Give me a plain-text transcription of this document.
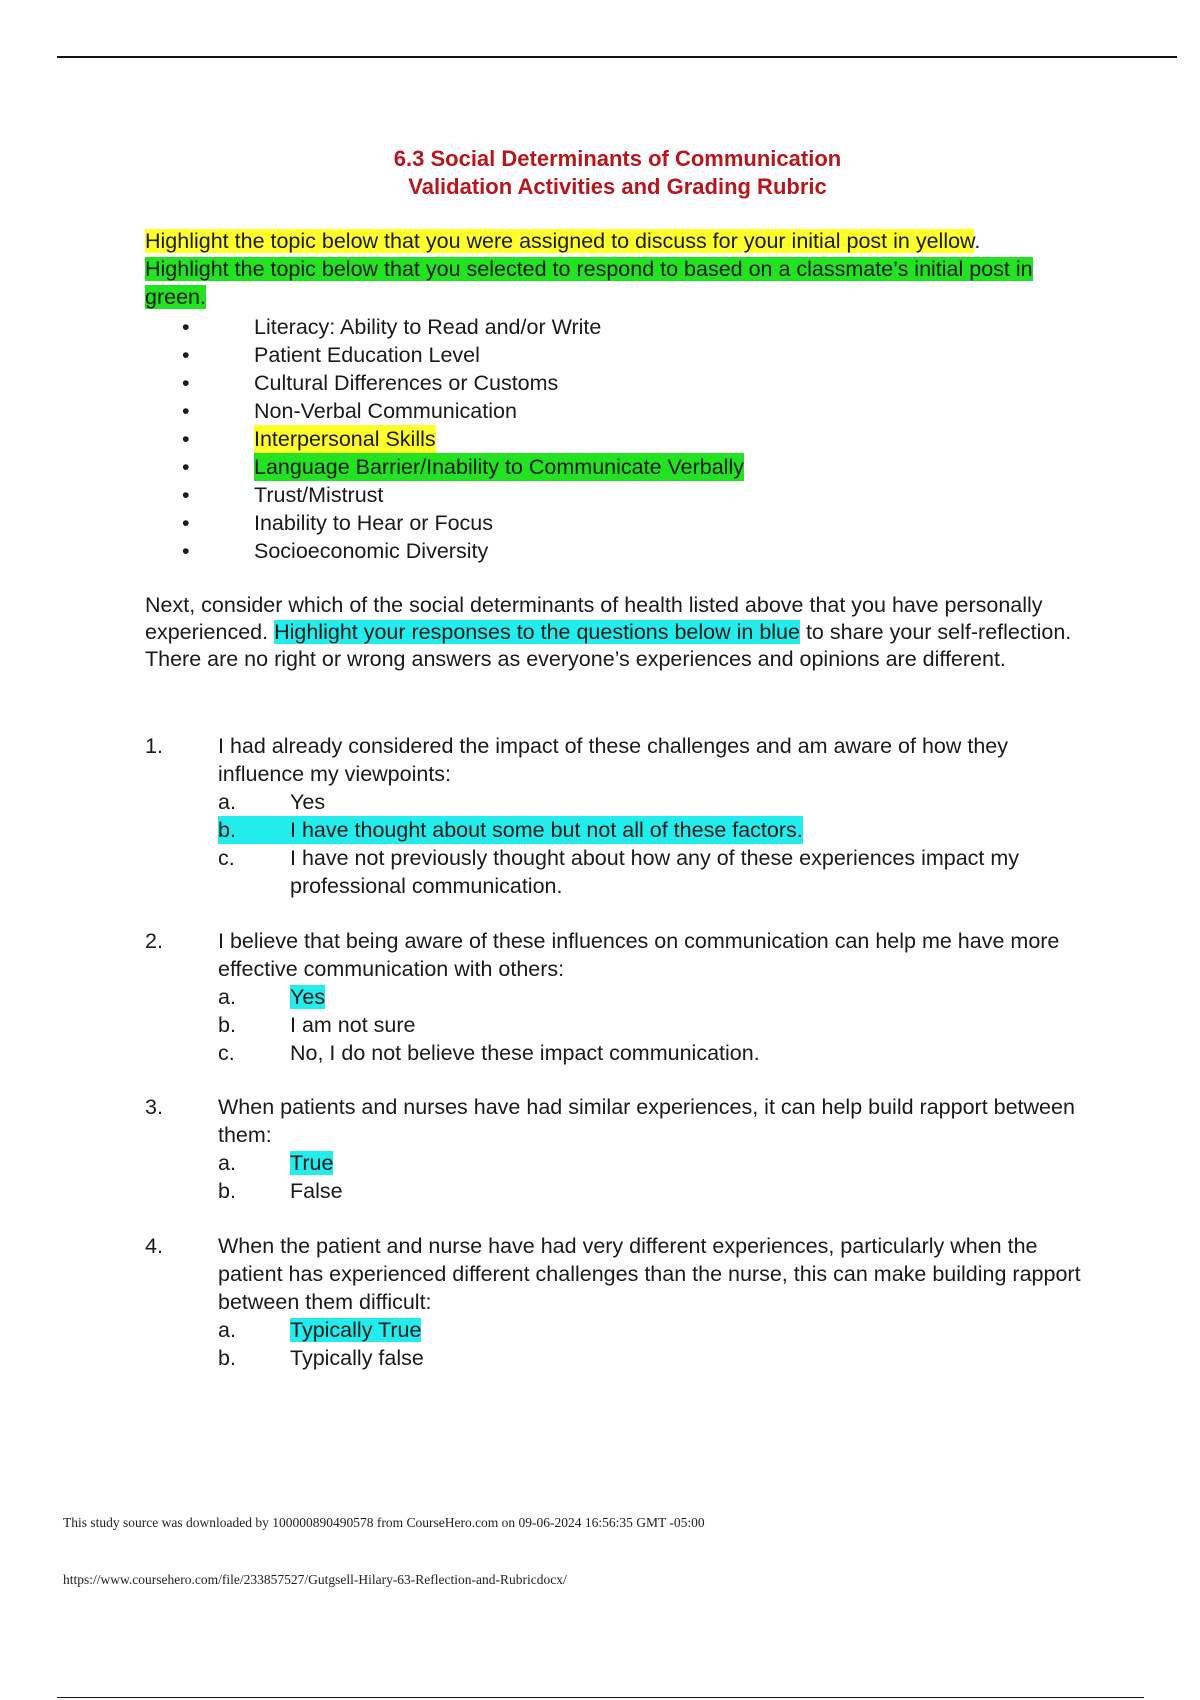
6.3 Social Determinants of Communication
Validation Activities and Grading Rubric

Highlight the topic below that you were assigned to discuss for your initial post in yellow.

Highlight the topic below that you selected to respond to based on a classmate’s initial post in green.

•	Literacy: Ability to Read and/or Write
•	Patient Education Level
•	Cultural Differences or Customs
•	Non-Verbal Communication
•	Interpersonal Skills
•	Language Barrier/Inability to Communicate Verbally
•	Trust/Mistrust
•	Inability to Hear or Focus
•	Socioeconomic Diversity
Next, consider which of the social determinants of health listed above that you have personally experienced. Highlight your responses to the questions below in blue to share your self-reflection. There are no right or wrong answers as everyone’s experiences and opinions are different.
1.	I had already considered the impact of these challenges and am aware of how they influence my viewpoints:
a.	Yes
b.	I have thought about some but not all of these factors.
c.	I have not previously thought about how any of these experiences impact my professional communication.
2.	I believe that being aware of these influences on communication can help me have more effective communication with others:
a.	Yes
b.	I am not sure
c.	No, I do not believe these impact communication.
3.	When patients and nurses have had similar experiences, it can help build rapport between them:
a.	True
b.	False
4.	When the patient and nurse have had very different experiences, particularly when the patient has experienced different challenges than the nurse, this can make building rapport between them difficult:
a.	Typically True
b.	Typically false
This study source was downloaded by 100000890490578 from CourseHero.com on 09-06-2024 16:56:35 GMT -05:00
https://www.coursehero.com/file/233857527/Gutgsell-Hilary-63-Reflection-and-Rubricdocx/
